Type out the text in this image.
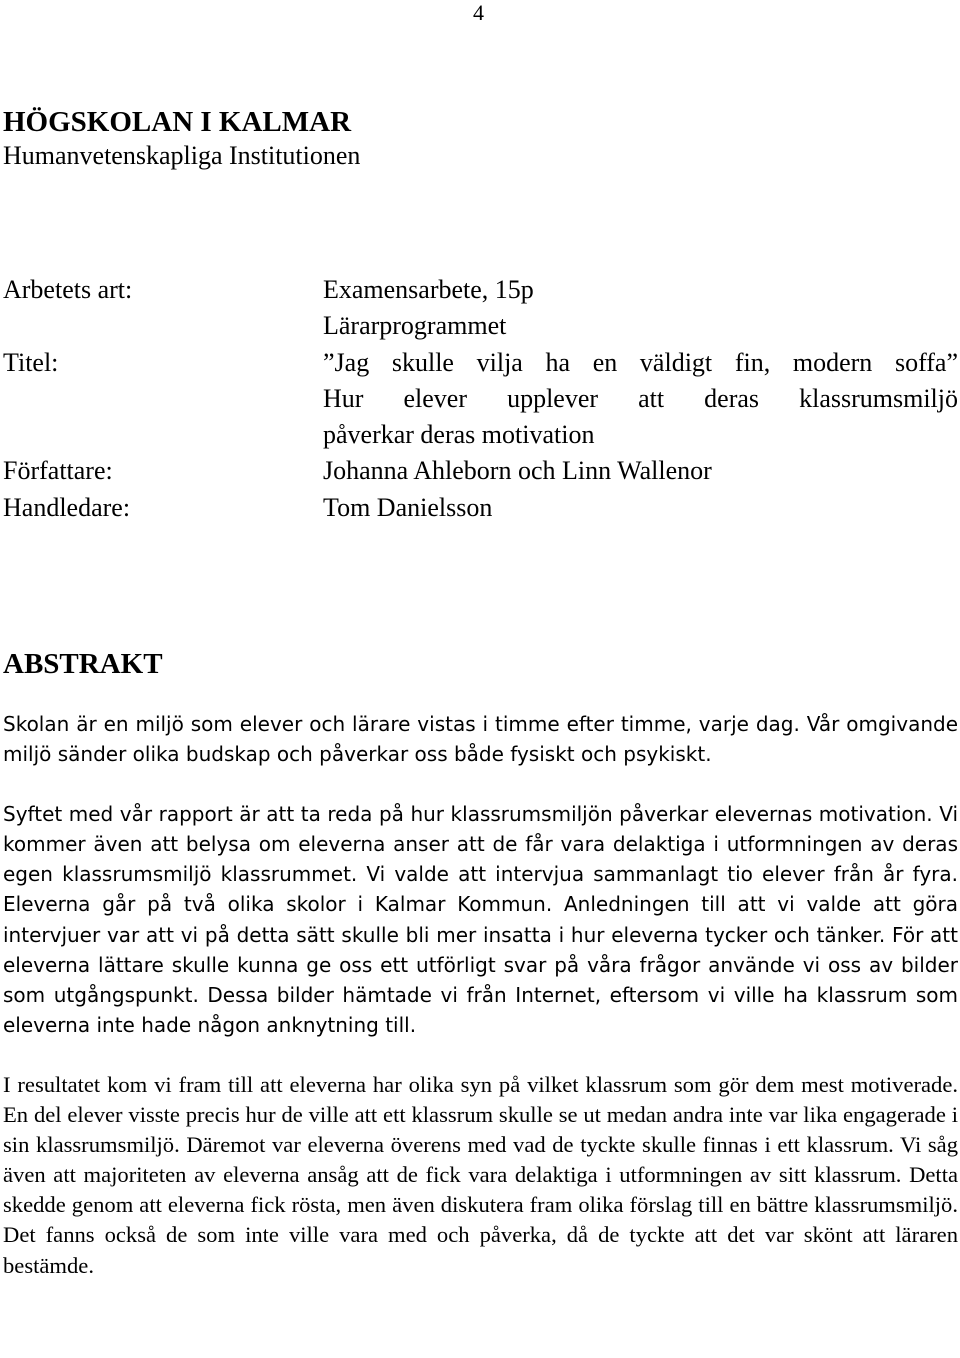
4

HÖGSKOLAN I KALMAR

Humanvetenskapliga Institutionen

Arbetets art:	Examensarbete, 15p
Lärarprogrammet
Titel:	”Jag skulle vilja ha en väldigt fin, modern soffa”
Hur elever upplever att deras klassrumsmiljö
påverkar deras motivation
Författare:	Johanna Ahleborn och Linn Wallenor
Handledare:	Tom Danielsson
ABSTRAKT

Skolan är en miljö som elever och lärare vistas i timme efter timme, varje dag. Vår omgivande miljö sänder olika budskap och påverkar oss både fysiskt och psykiskt.

Syftet med vår rapport är att ta reda på hur klassrumsmiljön påverkar elevernas motivation. Vi kommer även att belysa om eleverna anser att de får vara delaktiga i utformningen av deras egen klassrumsmiljö klassrummet. Vi valde att intervjua sammanlagt tio elever från år fyra. Eleverna går på två olika skolor i Kalmar Kommun. Anledningen till att vi valde att göra intervjuer var att vi på detta sätt skulle bli mer insatta i hur eleverna tycker och tänker. För att eleverna lättare skulle kunna ge oss ett utförligt svar på våra frågor använde vi oss av bilder som utgångspunkt. Dessa bilder hämtade vi från Internet, eftersom vi ville ha klassrum som eleverna inte hade någon anknytning till.

I resultatet kom vi fram till att eleverna har olika syn på vilket klassrum som gör dem mest motiverade. En del elever visste precis hur de ville att ett klassrum skulle se ut medan andra inte var lika engagerade i sin klassrumsmiljö. Däremot var eleverna överens med vad de tyckte skulle finnas i ett klassrum. Vi såg även att majoriteten av eleverna ansåg att de fick vara delaktiga i utformningen av sitt klassrum. Detta skedde genom att eleverna fick rösta, men även diskutera fram olika förslag till en bättre klassrumsmiljö. Det fanns också de som inte ville vara med och påverka, då de tyckte att det var skönt att läraren bestämde.
